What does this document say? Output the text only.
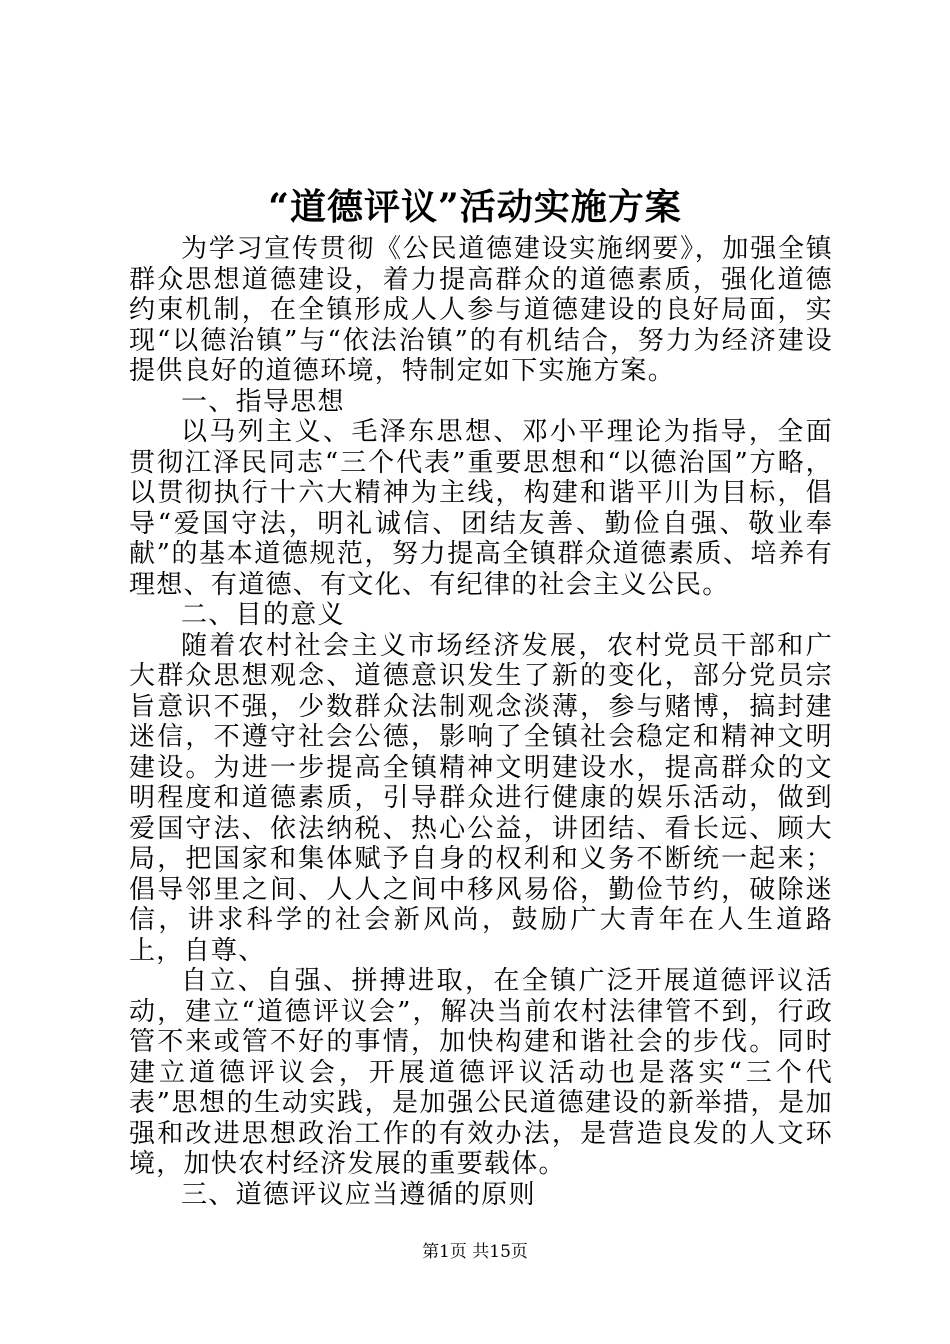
“道德评议”活动实施方案

为学习宣传贯彻《公民道德建设实施纲要》，加强全镇群众思想道德建设，着力提高群众的道德素质，强化道德约束机制，在全镇形成人人参与道德建设的良好局面，实现“以德治镇”与“依法治镇”的有机结合，努力为经济建设提供良好的道德环境，特制定如下实施方案。

一、指导思想

以马列主义、毛泽东思想、邓小平理论为指导，全面贯彻江泽民同志“三个代表”重要思想和“以德治国”方略，以贯彻执行十六大精神为主线，构建和谐平川为目标，倡导“爱国守法，明礼诚信、团结友善、勤俭自强、敬业奉献”的基本道德规范，努力提高全镇群众道德素质、培养有理想、有道德、有文化、有纪律的社会主义公民。

二、目的意义

随着农村社会主义市场经济发展，农村党员干部和广大群众思想观念、道德意识发生了新的变化，部分党员宗旨意识不强，少数群众法制观念淡薄，参与赌博，搞封建迷信，不遵守社会公德，影响了全镇社会稳定和精神文明建设。为进一步提高全镇精神文明建设水，提高群众的文明程度和道德素质，引导群众进行健康的娱乐活动，做到爱国守法、依法纳税、热心公益，讲团结、看长远、顾大局，把国家和集体赋予自身的权利和义务不断统一起来；倡导邻里之间、人人之间中移风易俗，勤俭节约，破除迷信，讲求科学的社会新风尚，鼓励广大青年在人生道路上，自尊、

自立、自强、拼搏进取，在全镇广泛开展道德评议活动，建立“道德评议会”，解决当前农村法律管不到，行政管不来或管不好的事情，加快构建和谐社会的步伐。同时建立道德评议会，开展道德评议活动也是落实“三个代表”思想的生动实践，是加强公民道德建设的新举措，是加强和改进思想政治工作的有效办法，是营造良发的人文环境，加快农村经济发展的重要载体。

三、道德评议应当遵循的原则

第1页 共15页
